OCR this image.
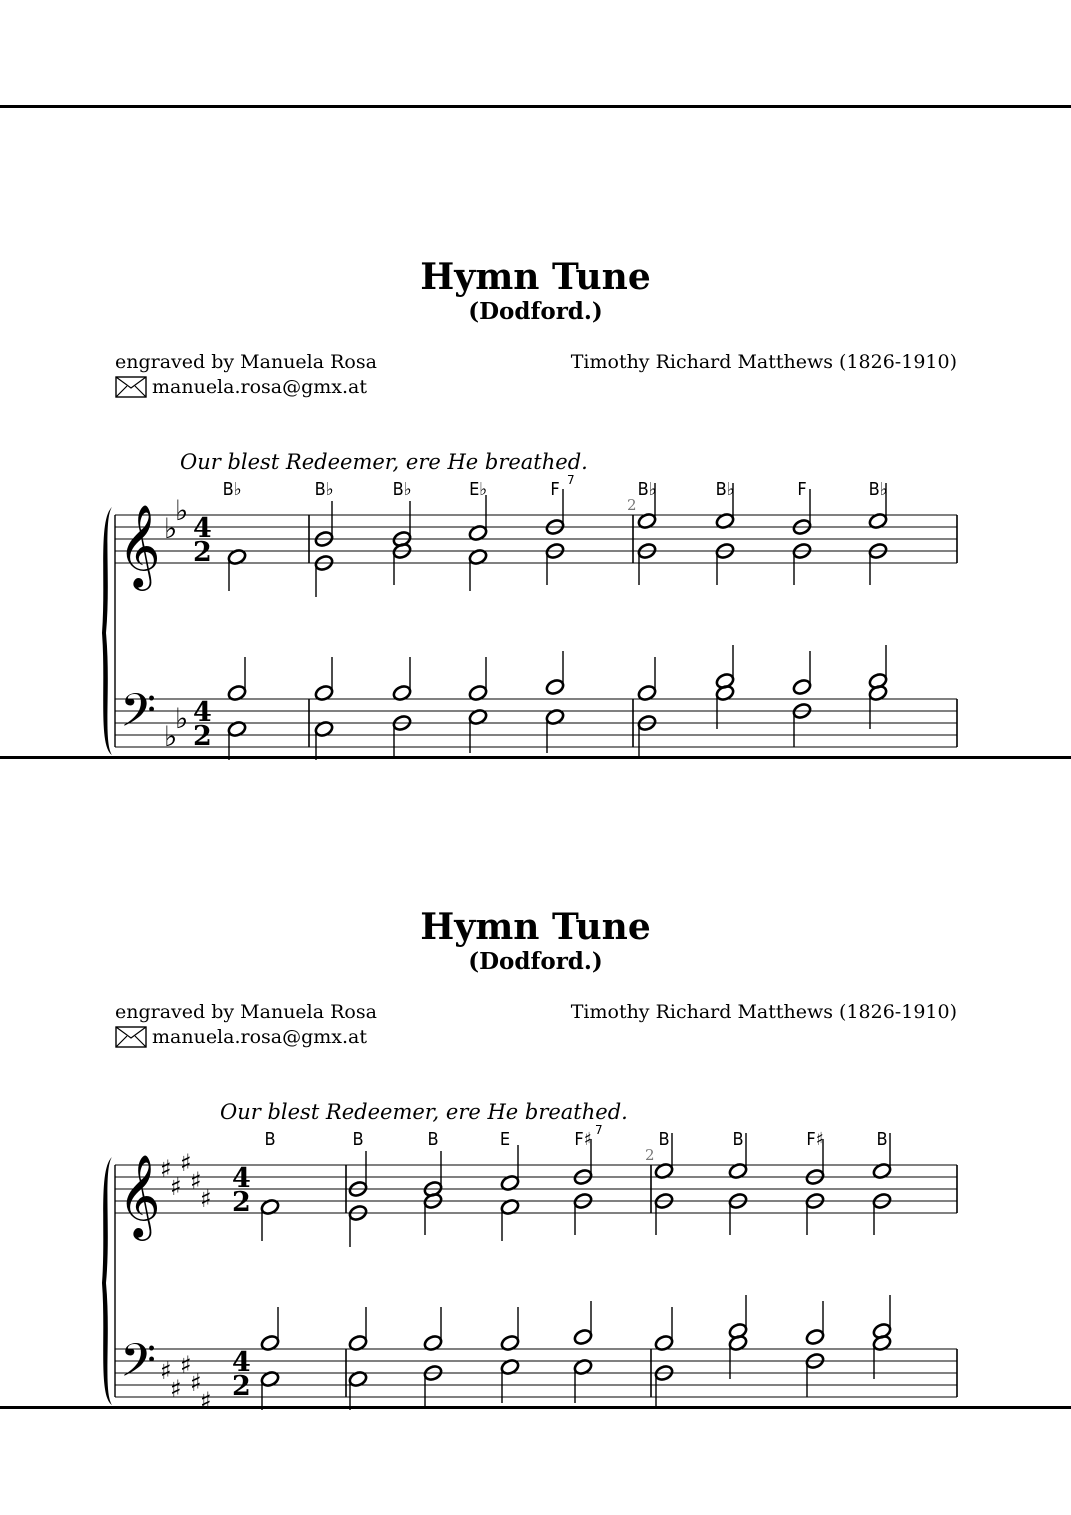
Hymn Tune
(Dodford.)
engraved by Manuela Rosa
manuela.rosa@gmx.at
Timothy Richard Matthews (1826-1910)
Our blest Redeemer, ere He breathed.
B♭	B♭	B♭	E♭	F 7	B♭	B♭	F	B♭
2
𝄞
𝄢
♭
♭
♭
♭
4
2
4
2
Hymn Tune
(Dodford.)
engraved by Manuela Rosa
manuela.rosa@gmx.at
Timothy Richard Matthews (1826-1910)
Our blest Redeemer, ere He breathed.
B	B	B	E	F♯ 7	B	B	F♯	B
2
𝄞
𝄢
♯
♯
♯
♯
♯
♯
♯
♯
♯
♯
4
2
4
2
